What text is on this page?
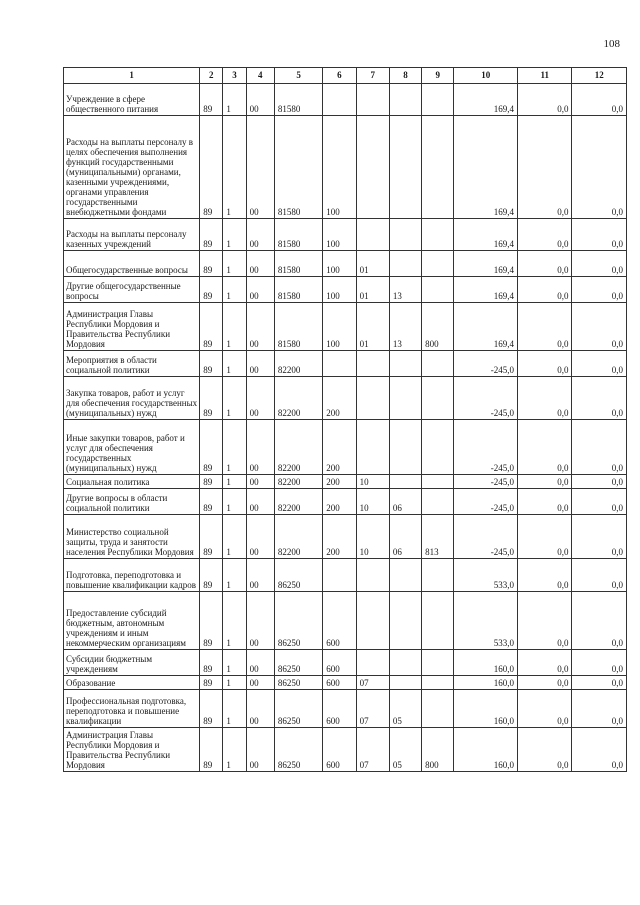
108
1	2	3	4	5	6	7	8	9	10	11	12
Учреждение в сфере общественного питания	89	1	00	81580					169,4	0,0	0,0
Расходы на выплаты персоналу в целях обеспечения выполнения функций государственными (муниципальными) органами, казенными учреждениями, органами управления государственными внебюджетными фондами	89	1	00	81580	100				169,4	0,0	0,0
Расходы на выплаты персоналу казенных учреждений	89	1	00	81580	100				169,4	0,0	0,0
Общегосударственные вопросы	89	1	00	81580	100	01			169,4	0,0	0,0
Другие общегосударственные вопросы	89	1	00	81580	100	01	13		169,4	0,0	0,0
Администрация Главы Республики Мордовия и Правительства Республики Мордовия	89	1	00	81580	100	01	13	800	169,4	0,0	0,0
Мероприятия в области социальной политики	89	1	00	82200					-245,0	0,0	0,0
Закупка товаров, работ и услуг для обеспечения государственных (муниципальных) нужд	89	1	00	82200	200				-245,0	0,0	0,0
Иные закупки товаров, работ и услуг для обеспечения государственных (муниципальных) нужд	89	1	00	82200	200				-245,0	0,0	0,0
Социальная политика	89	1	00	82200	200	10			-245,0	0,0	0,0
Другие вопросы в области социальной политики	89	1	00	82200	200	10	06		-245,0	0,0	0,0
Министерство социальной защиты, труда и занятости населения Республики Мордовия	89	1	00	82200	200	10	06	813	-245,0	0,0	0,0
Подготовка, переподготовка и повышение квалификации кадров	89	1	00	86250					533,0	0,0	0,0
Предоставление субсидий бюджетным, автономным учреждениям и иным некоммерческим организациям	89	1	00	86250	600				533,0	0,0	0,0
Субсидии бюджетным учреждениям	89	1	00	86250	600				160,0	0,0	0,0
Образование	89	1	00	86250	600	07			160,0	0,0	0,0
Профессиональная подготовка, переподготовка и повышение квалификации	89	1	00	86250	600	07	05		160,0	0,0	0,0
Администрация Главы Республики Мордовия и Правительства Республики Мордовия	89	1	00	86250	600	07	05	800	160,0	0,0	0,0
